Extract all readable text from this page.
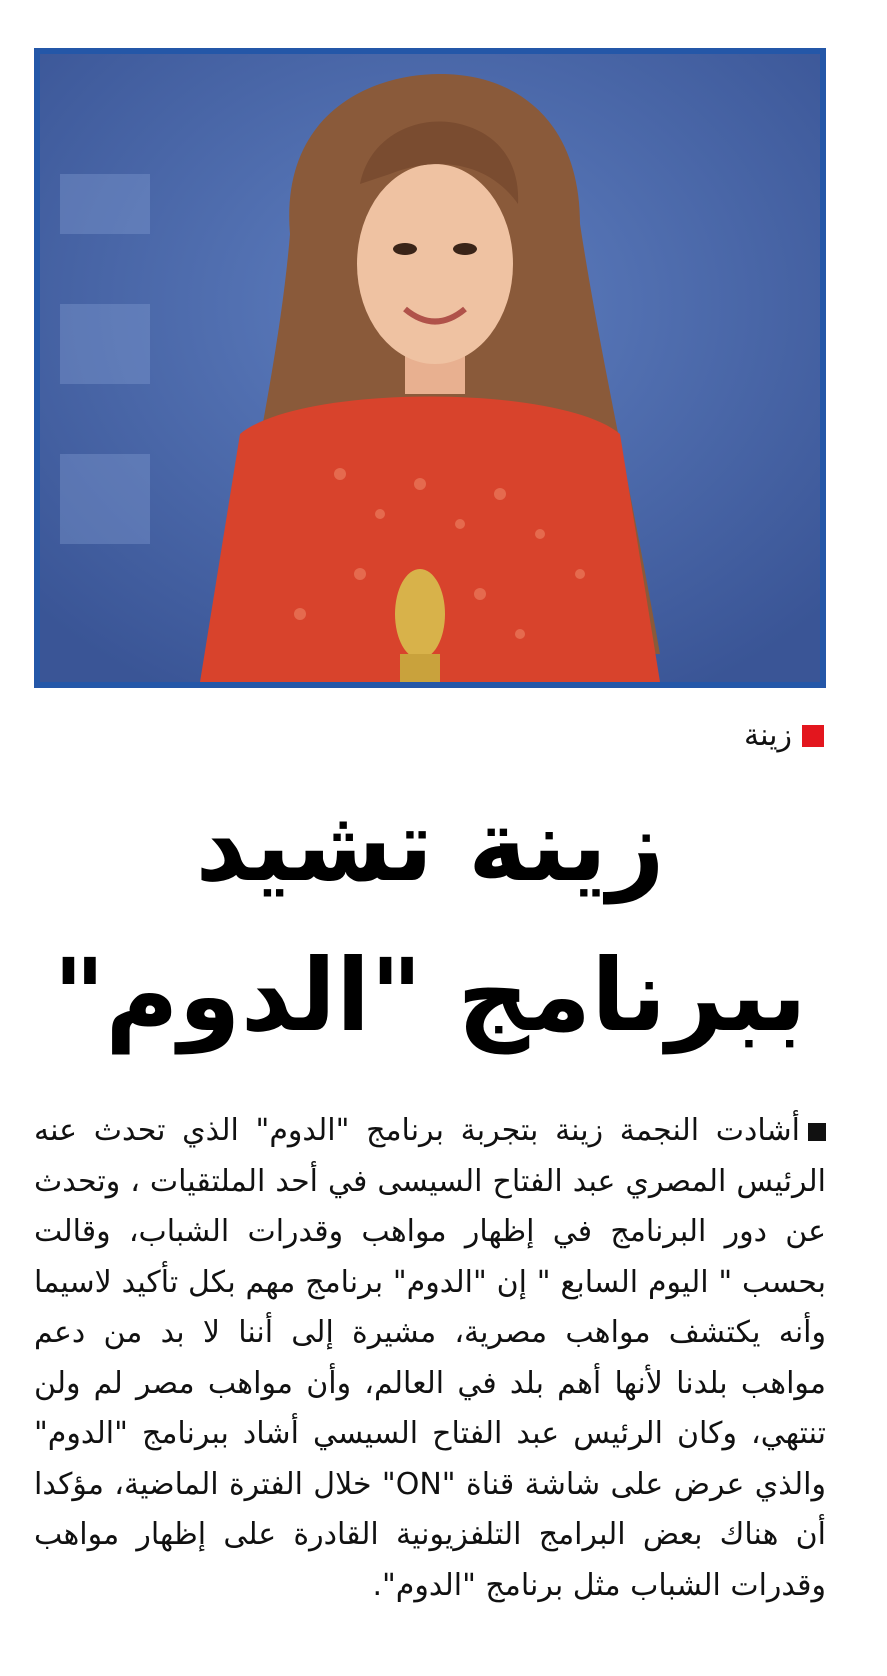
زينة
زينة تشيد
ببرنامج "الدوم"
أشادت النجمة زينة بتجربة برنامج "الدوم" الذي تحدث عنه الرئيس المصري عبد الفتاح السيسى في أحد الملتقيات ، وتحدث عن دور البرنامج في إظهار مواهب وقدرات الشباب، وقالت بحسب " اليوم السابع " إن "الدوم" برنامج مهم بكل تأكيد لاسيما وأنه يكتشف مواهب مصرية، مشيرة إلى أننا لا بد من دعم مواهب بلدنا لأنها أهم بلد في العالم، وأن مواهب مصر لم ولن تنتهي، وكان الرئيس عبد الفتاح السيسي أشاد ببرنامج "الدوم" والذي عرض على شاشة قناة "ON" خلال الفترة الماضية، مؤكدا أن هناك بعض البرامج التلفزيونية القادرة على إظهار مواهب وقدرات الشباب مثل برنامج "الدوم".
